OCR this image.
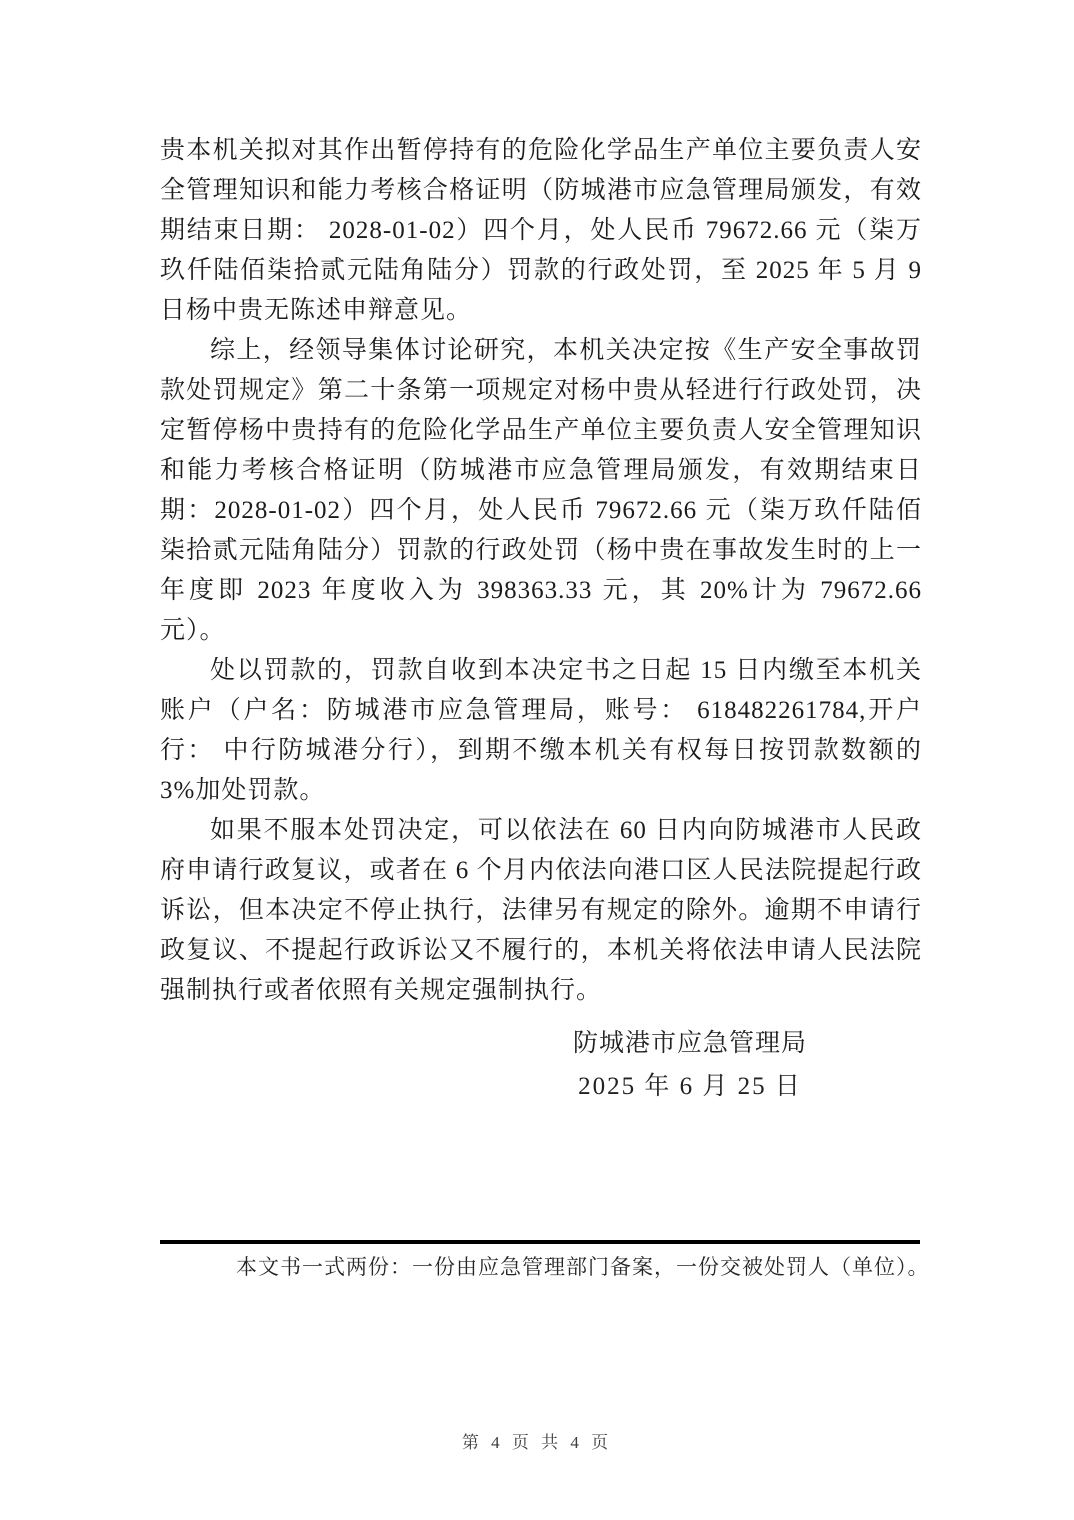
贵本机关拟对其作出暂停持有的危险化学品生产单位主要负责人安全管理知识和能力考核合格证明（防城港市应急管理局颁发，有效期结束日期： 2028-01-02）四个月，处人民币 79672.66 元（柒万玖仟陆佰柒拾贰元陆角陆分）罚款的行政处罚，至 2025 年 5 月 9 日杨中贵无陈述申辩意见。

综上，经领导集体讨论研究，本机关决定按《生产安全事故罚款处罚规定》第二十条第一项规定对杨中贵从轻进行行政处罚，决定暂停杨中贵持有的危险化学品生产单位主要负责人安全管理知识和能力考核合格证明（防城港市应急管理局颁发，有效期结束日期：2028-01-02）四个月，处人民币 79672.66 元（柒万玖仟陆佰柒拾贰元陆角陆分）罚款的行政处罚（杨中贵在事故发生时的上一年度即 2023 年度收入为 398363.33 元，其 20%计为 79672.66 元）。

处以罚款的，罚款自收到本决定书之日起 15 日内缴至本机关账户（户名：防城港市应急管理局，账号： 618482261784,开户行： 中行防城港分行），到期不缴本机关有权每日按罚款数额的 3%加处罚款。

如果不服本处罚决定，可以依法在 60 日内向防城港市人民政府申请行政复议，或者在 6 个月内依法向港口区人民法院提起行政诉讼，但本决定不停止执行，法律另有规定的除外。逾期不申请行政复议、不提起行政诉讼又不履行的，本机关将依法申请人民法院强制执行或者依照有关规定强制执行。

防城港市应急管理局
2025 年 6 月 25 日
本文书一式两份：一份由应急管理部门备案，一份交被处罚人（单位）。
第 4 页 共 4 页
